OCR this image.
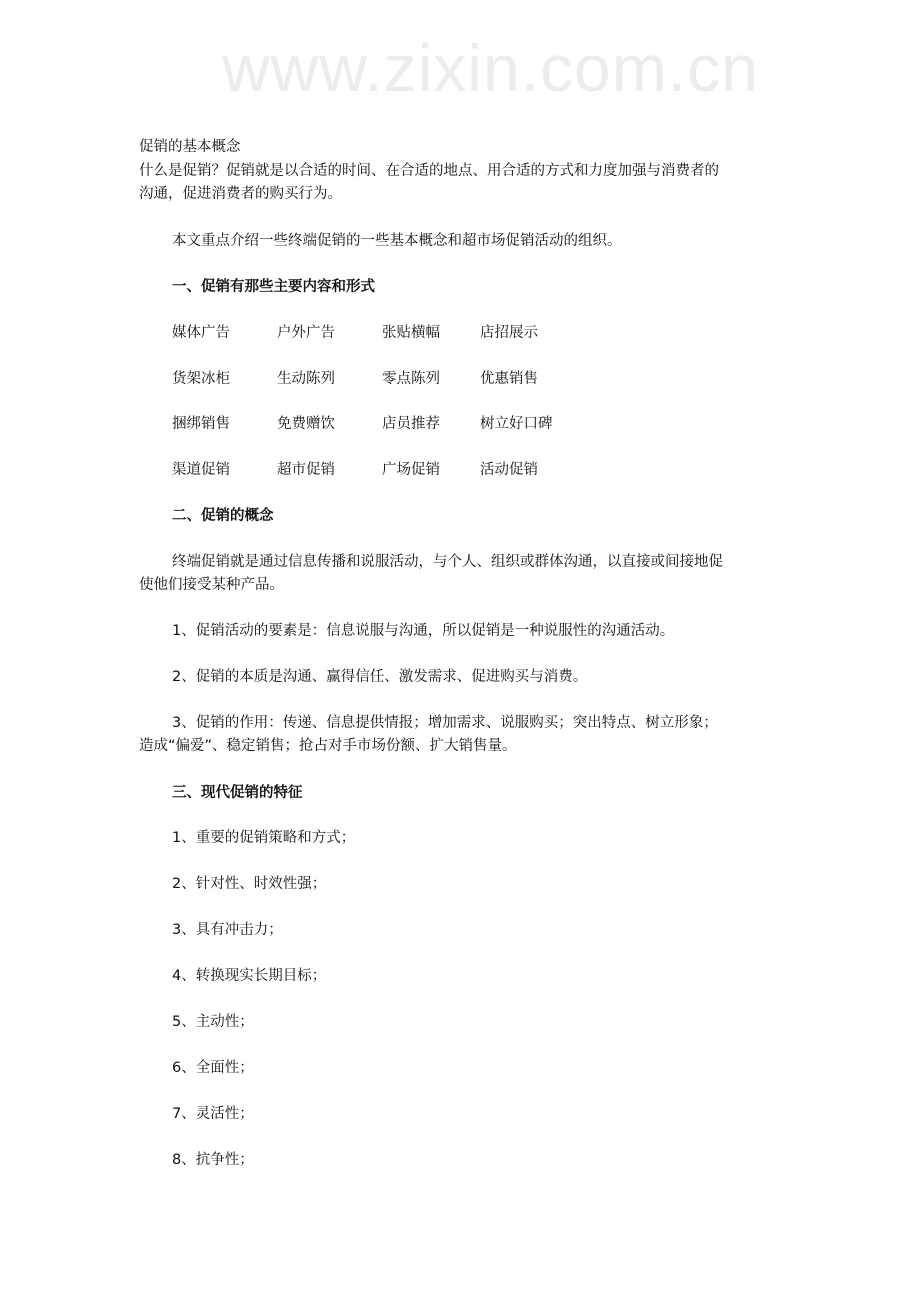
www.zixin.com.cn
促销的基本概念
什么是促销？促销就是以合适的时间、在合适的地点、用合适的方式和力度加强与消费者的
沟通，促进消费者的购买行为。
本文重点介绍一些终端促销的一些基本概念和超市场促销活动的组织。
一、促销有那些主要内容和形式
媒体广告	户外广告	张贴横幅	店招展示
货架冰柜	生动陈列	零点陈列	优惠销售
捆绑销售	免费赠饮	店员推荐	树立好口碑
渠道促销	超市促销	广场促销	活动促销
二、促销的概念
终端促销就是通过信息传播和说服活动，与个人、组织或群体沟通，以直接或间接地促
使他们接受某种产品。
1、促销活动的要素是：信息说服与沟通，所以促销是一种说服性的沟通活动。
2、促销的本质是沟通、赢得信任、激发需求、促进购买与消费。
3、促销的作用：传递、信息提供情报；增加需求、说服购买；突出特点、树立形象；
造成“偏爱”、稳定销售；抢占对手市场份额、扩大销售量。
三、现代促销的特征
1、重要的促销策略和方式；
2、针对性、时效性强；
3、具有冲击力；
4、转换现实长期目标；
5、主动性；
6、全面性；
7、灵活性；
8、抗争性；
